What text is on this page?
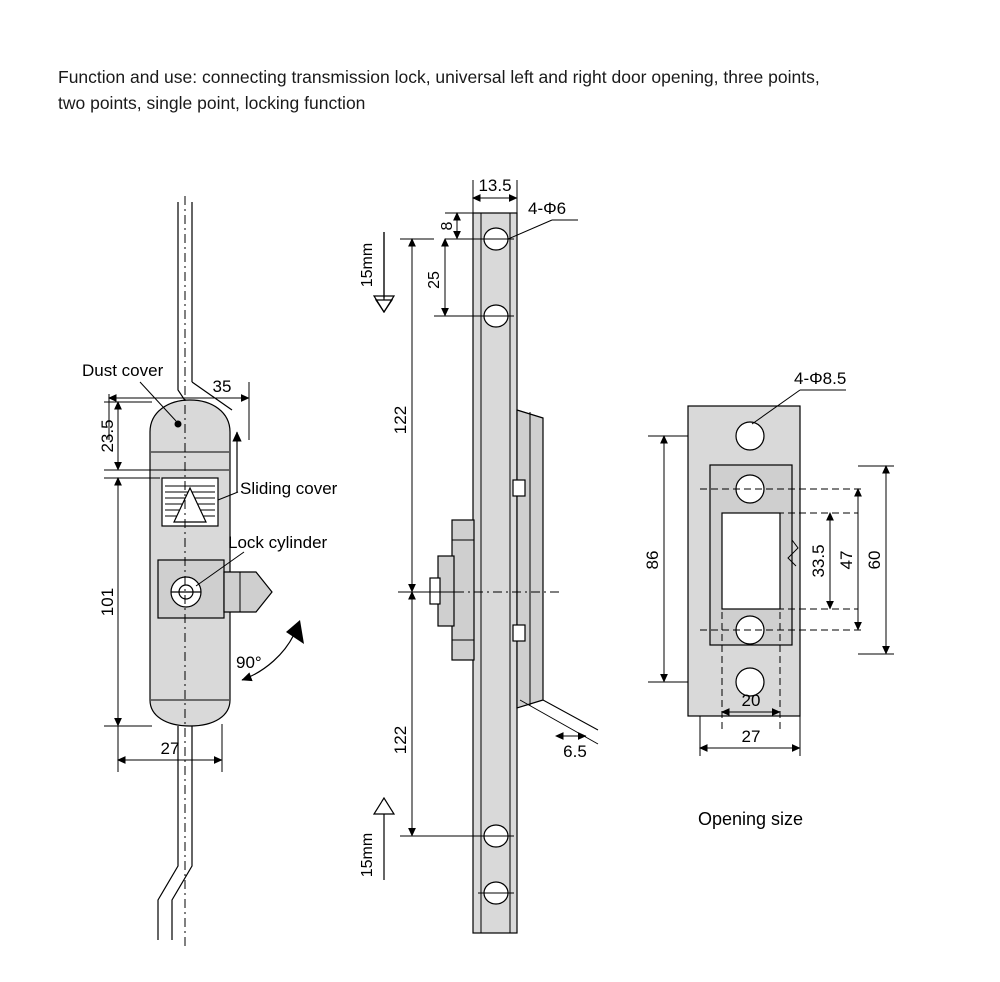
Function and use: connecting transmission lock, universal left and right door opening, three points,
two points, single point, locking function
90°
Dust cover
Sliding cover
Lock cylinder
35
23.5
101
27
13.5
8
25
122
122
4-Φ6
6.5
15mm
15mm
4-Φ8.5
86	33.5 47 60
20
27
Opening size
